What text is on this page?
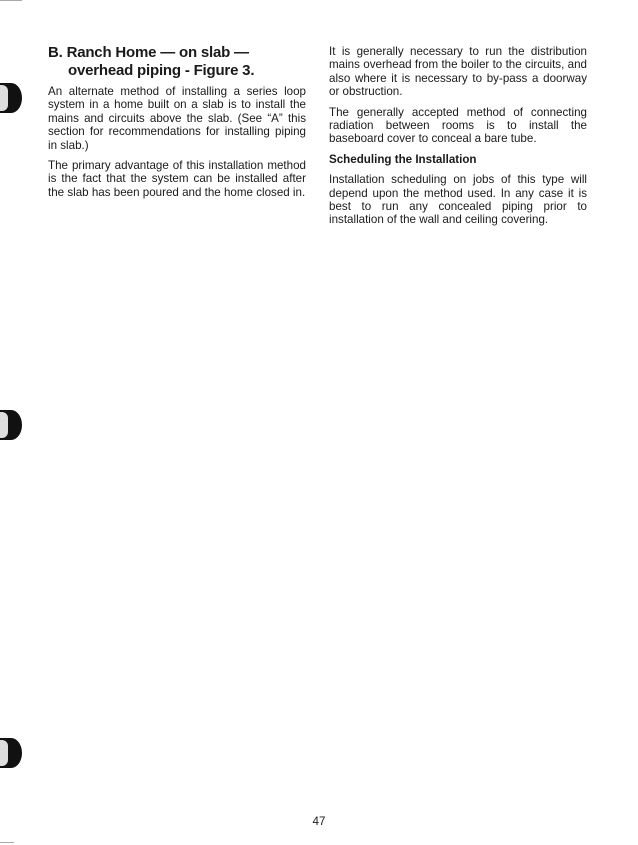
B. Ranch Home — on slab — overhead piping - Figure 3.

An alternate method of installing a series loop system in a home built on a slab is to install the mains and circuits above the slab. (See “A” this section for recommendations for installing piping in slab.)

The primary advantage of this installation method is the fact that the system can be installed after the slab has been poured and the home closed in.

It is generally necessary to run the distribution mains overhead from the boiler to the circuits, and also where it is necessary to by-pass a doorway or obstruction.

The generally accepted method of connecting radiation between rooms is to install the baseboard cover to conceal a bare tube.

Scheduling the Installation

Installation scheduling on jobs of this type will depend upon the method used. In any case it is best to run any concealed piping prior to installation of the wall and ceiling covering.

47
